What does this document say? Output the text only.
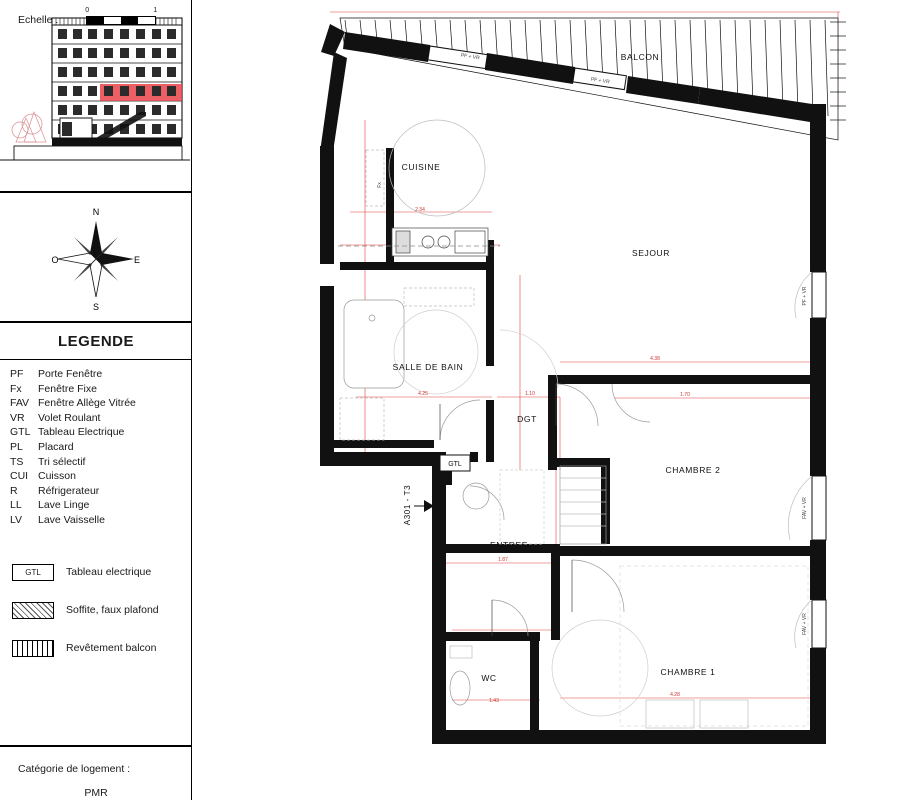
N
S
E
O
LEGENDE
PF	Porte Fenêtre
Fx	Fenêtre Fixe
FAV Fenêtre Allège Vitrée
VR	Volet Roulant
GTL Tableau Electrique
PL	Placard
TS	Tri sélectif
CUI Cuisson
R	Réfrigerateur
LL	Lave Linge
LV	Lave Vaisselle
GTL	Tableau electrique
Soffite, faux plafond
Revêtement balcon
Echelle :
0	1
Catégorie de logement :
PMR
PF + VR
FAV + VR
FAV + VR
Fx
PF + VR
PF + VR
GTL
A301 - T3
BALCON
CUISINE
SEJOUR
SALLE DE BAIN
DGT
CHAMBRE 2
ENTREE
CHAMBRE 1
WC
2.34
4.38
1.10	1.70
4.25
1.87
4.28
1.43
